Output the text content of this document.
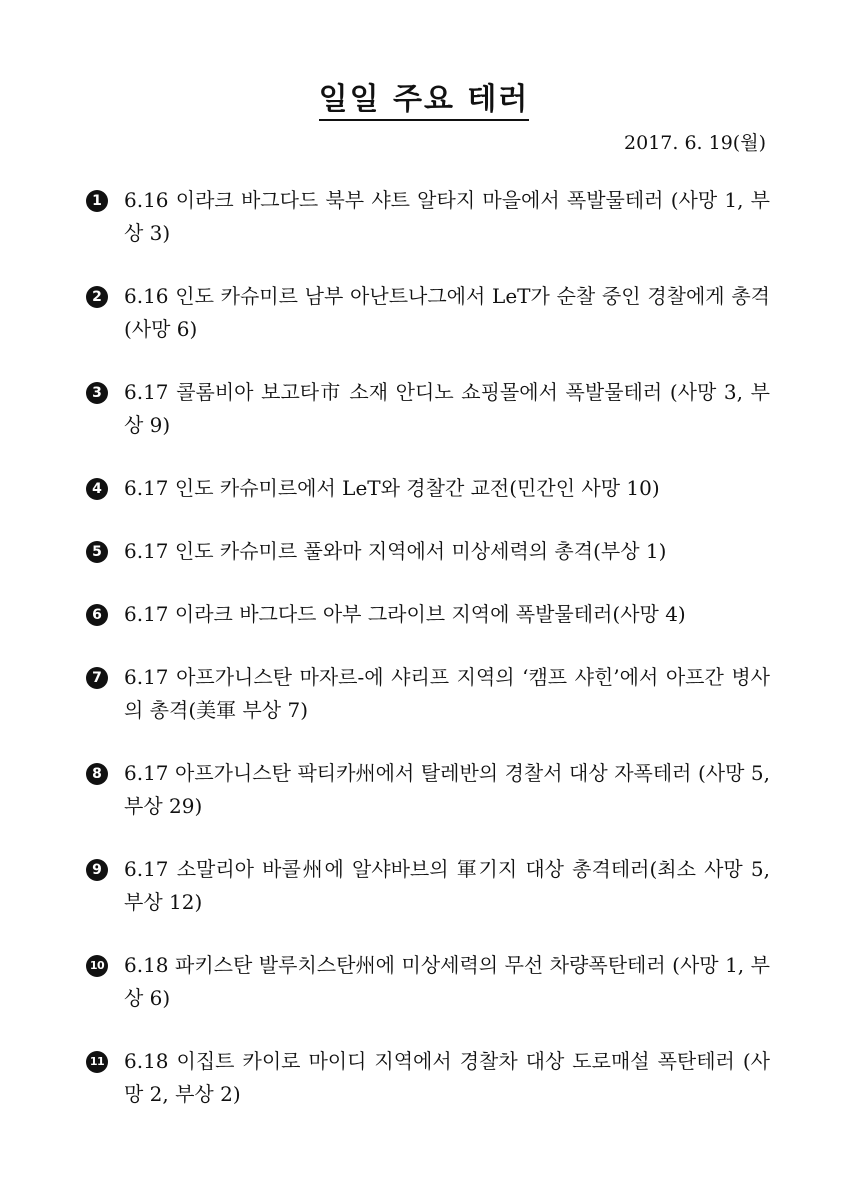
일일 주요 테러
2017. 6. 19(월)
1	6.16 이라크 바그다드 북부 샤트 알타지 마을에서 폭발물테러 (사망 1, 부상 3)
2	6.16 인도 카슈미르 남부 아난트나그에서 LeT가 순찰 중인 경찰에게 총격(사망 6)
3	6.17 콜롬비아 보고타市 소재 안디노 쇼핑몰에서 폭발물테러 (사망 3, 부상 9)
4	6.17 인도 카슈미르에서 LeT와 경찰간 교전(민간인 사망 10)
5	6.17 인도 카슈미르 풀와마 지역에서 미상세력의 총격(부상 1)
6	6.17 이라크 바그다드 아부 그라이브 지역에 폭발물테러(사망 4)
7	6.17 아프가니스탄 마자르-에 샤리프 지역의 ‘캠프 샤힌’에서 아프간 병사의 총격(美軍 부상 7)
8	6.17 아프가니스탄 팍티카州에서 탈레반의 경찰서 대상 자폭테러 (사망 5, 부상 29)
9	6.17 소말리아 바콜州에 알샤바브의 軍기지 대상 총격테러(최소 사망 5, 부상 12)
10 6.18 파키스탄 발루치스탄州에 미상세력의 무선 차량폭탄테러 (사망 1, 부상 6)
11 6.18 이집트 카이로 마이디 지역에서 경찰차 대상 도로매설 폭탄테러 (사망 2, 부상 2)
